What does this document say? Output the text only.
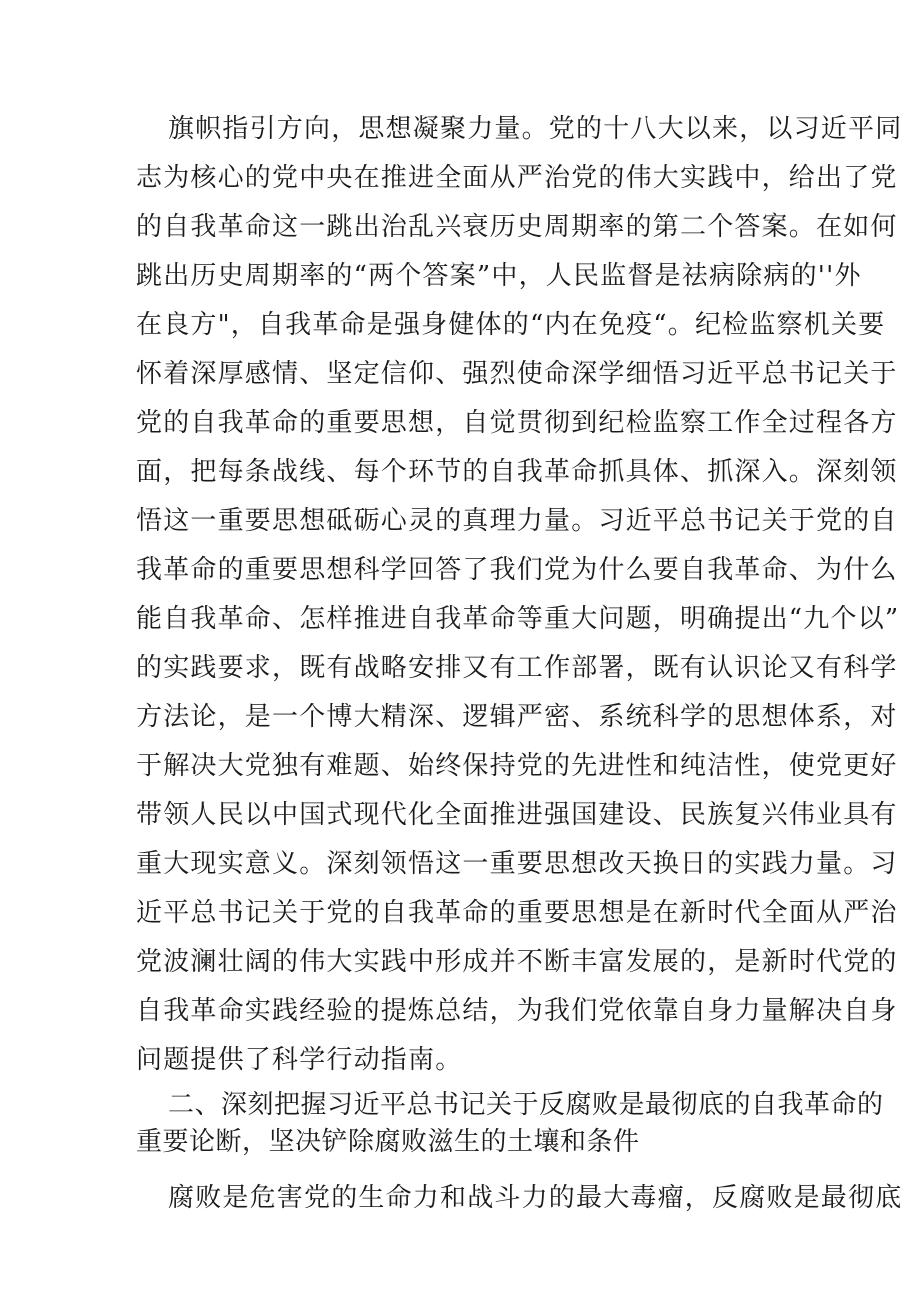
旗帜指引方向，思想凝聚力量。党的十八大以来，以习近平同
志为核心的党中央在推进全面从严治党的伟大实践中，给出了党
的自我革命这一跳出治乱兴衰历史周期率的第二个答案。在如何
跳出历史周期率的“两个答案”中，人民监督是祛病除病的''外
在良方"，自我革命是强身健体的“内在免疫“。纪检监察机关要
怀着深厚感情、坚定信仰、强烈使命深学细悟习近平总书记关于
党的自我革命的重要思想，自觉贯彻到纪检监察工作全过程各方
面，把每条战线、每个环节的自我革命抓具体、抓深入。深刻领
悟这一重要思想砥砺心灵的真理力量。习近平总书记关于党的自
我革命的重要思想科学回答了我们党为什么要自我革命、为什么
能自我革命、怎样推进自我革命等重大问题，明确提出“九个以”
的实践要求，既有战略安排又有工作部署，既有认识论又有科学
方法论，是一个博大精深、逻辑严密、系统科学的思想体系，对
于解决大党独有难题、始终保持党的先进性和纯洁性，使党更好
带领人民以中国式现代化全面推进强国建设、民族复兴伟业具有
重大现实意义。深刻领悟这一重要思想改天换日的实践力量。习
近平总书记关于党的自我革命的重要思想是在新时代全面从严治
党波澜壮阔的伟大实践中形成并不断丰富发展的，是新时代党的
自我革命实践经验的提炼总结，为我们党依靠自身力量解决自身
问题提供了科学行动指南。
二、深刻把握习近平总书记关于反腐败是最彻底的自我革命的
重要论断，坚决铲除腐败滋生的土壤和条件
腐败是危害党的生命力和战斗力的最大毒瘤，反腐败是最彻底
